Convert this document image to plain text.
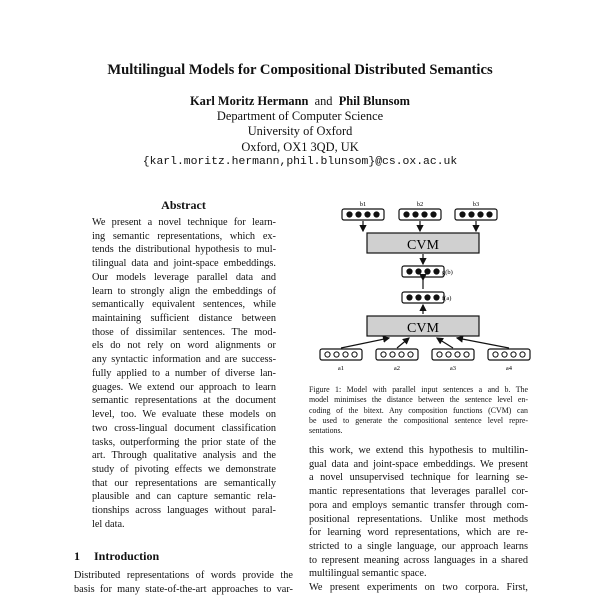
Multilingual Models for Compositional Distributed Semantics
Karl Moritz Hermann and Phil Blunsom
Department of Computer Science
University of Oxford
Oxford, OX1 3QD, UK
{karl.moritz.hermann,phil.blunsom}@cs.ox.ac.uk
Abstract
We present a novel technique for learn-
ing semantic representations, which ex-
tends the distributional hypothesis to mul-
tilingual data and joint-space embeddings.
Our models leverage parallel data and
learn to strongly align the embeddings of
semantically equivalent sentences, while
maintaining sufficient distance between
those of dissimilar sentences. The mod-
els do not rely on word alignments or
any syntactic information and are success-
fully applied to a number of diverse lan-
guages. We extend our approach to learn
semantic representations at the document
level, too. We evaluate these models on
two cross-lingual document classification
tasks, outperforming the prior state of the
art. Through qualitative analysis and the
study of pivoting effects we demonstrate
that our representations are semantically
plausible and can capture semantic rela-
tionships across languages without paral-
lel data.
1 Introduction
Distributed representations of words provide the
basis for many state-of-the-art approaches to var-
b1	b2	b3
CVM
g(b)
f(a)
CVM
a1	a2	a3	a4
Figure 1: Model with parallel input sentences a and b. The
model minimises the distance between the sentence level en-
coding of the bitext. Any composition functions (CVM) can
be used to generate the compositional sentence level repre-
sentations.
this work, we extend this hypothesis to multilin-
gual data and joint-space embeddings. We present
a novel unsupervised technique for learning se-
mantic representations that leverages parallel cor-
pora and employs semantic transfer through com-
positional representations. Unlike most methods
for learning word representations, which are re-
stricted to a single language, our approach learns
to represent meaning across languages in a shared
multilingual semantic space.
We present experiments on two corpora. First,
